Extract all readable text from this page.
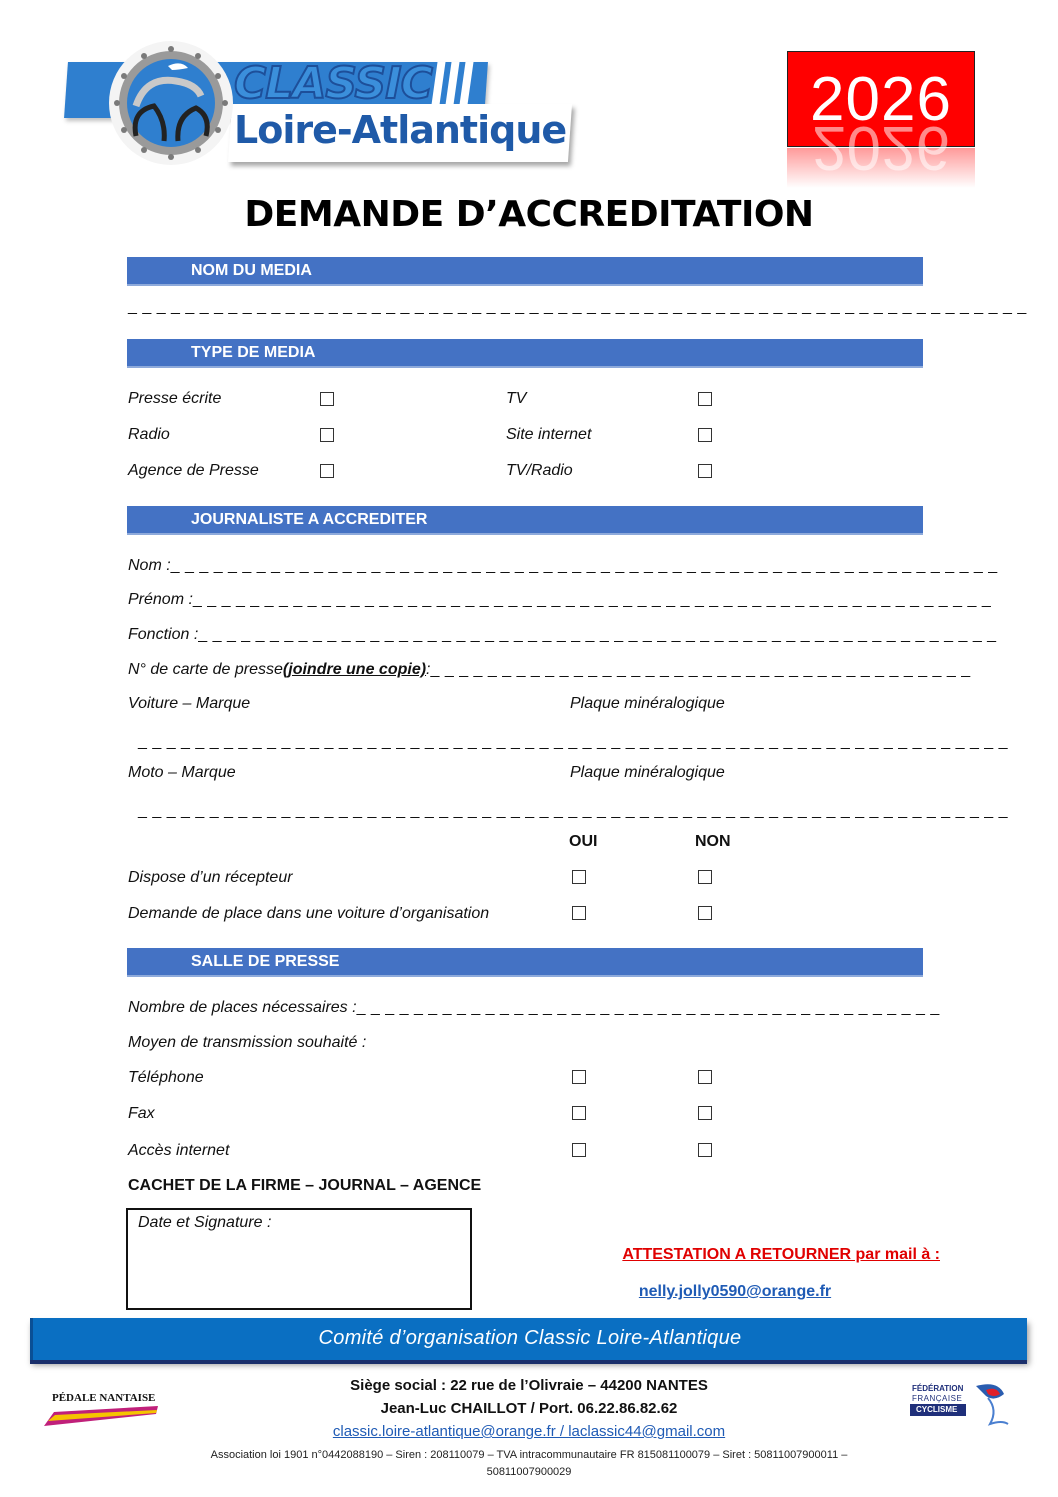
CLASSIC
Loire-Atlantique	2026
2026
DEMANDE D’ACCREDITATION
NOM DU MEDIA
_ _ _ _ _ _ _ _ _ _ _ _ _ _ _ _ _ _ _ _ _ _ _ _ _ _ _ _ _ _ _ _ _ _ _ _ _ _ _ _ _ _ _ _ _ _ _ _ _ _ _ _ _ _ _ _ _ _ _ _ _ _ _
TYPE DE MEDIA
Presse écrite	TV
Radio	Site internet
Agence de Presse	TV/Radio
JOURNALISTE A ACCREDITER
Nom : _ _ _ _ _ _ _ _ _ _ _ _ _ _ _ _ _ _ _ _ _ _ _ _ _ _ _ _ _ _ _ _ _ _ _ _ _ _ _ _ _ _ _ _ _ _ _ _ _ _ _ _ _ _ _ _ _ _
Prénom : _ _ _ _ _ _ _ _ _ _ _ _ _ _ _ _ _ _ _ _ _ _ _ _ _ _ _ _ _ _ _ _ _ _ _ _ _ _ _ _ _ _ _ _ _ _ _ _ _ _ _ _ _ _ _ _
Fonction : _ _ _ _ _ _ _ _ _ _ _ _ _ _ _ _ _ _ _ _ _ _ _ _ _ _ _ _ _ _ _ _ _ _ _ _ _ _ _ _ _ _ _ _ _ _ _ _ _ _ _ _ _ _ _ _
N° de carte de presse (joindre une copie) : _ _ _ _ _ _ _ _ _ _ _ _ _ _ _ _ _ _ _ _ _ _ _ _ _ _ _ _ _ _ _ _ _ _ _ _ _ _
Voiture – Marque	Plaque minéralogique
_ _ _ _ _ _ _ _ _ _ _ _ _ _ _ _ _ _ _ _ _ _ _ _ _ _ _ _ _ _ _ _ _ _ _ _ _ _ _ _ _ _ _ _ _ _ _ _ _ _ _ _ _ _ _ _ _ _ _ _ _
Moto – Marque	Plaque minéralogique
_ _ _ _ _ _ _ _ _ _ _ _ _ _ _ _ _ _ _ _ _ _ _ _ _ _ _ _ _ _ _ _ _ _ _ _ _ _ _ _ _ _ _ _ _ _ _ _ _ _ _ _ _ _ _ _ _ _ _ _ _
OUI	NON
Dispose d’un récepteur
Demande de place dans une voiture d’organisation
SALLE DE PRESSE
Nombre de places nécessaires : _ _ _ _ _ _ _ _ _ _ _ _ _ _ _ _ _ _ _ _ _ _ _ _ _ _ _ _ _ _ _ _ _ _ _ _ _ _ _ _ _
Moyen de transmission souhaité :
Téléphone
Fax
Accès internet
CACHET DE LA FIRME – JOURNAL – AGENCE
Date et Signature :
ATTESTATION A RETOURNER par mail à :
nelly.jolly0590@orange.fr
Comité d’organisation Classic Loire-Atlantique
PÉDALE NANTAISE
Siège social : 22 rue de l’Olivraie – 44200 NANTES
Jean-Luc CHAILLOT / Port. 06.22.86.82.62
classic.loire-atlantique@orange.fr / laclassic44@gmail.com
Association loi 1901 n°0442088190 – Siren : 208110079 – TVA intracommunautaire FR 815081100079 – Siret : 50811007900011 –
50811007900029
FÉDÉRATION
FRANÇAISE
CYCLISME
